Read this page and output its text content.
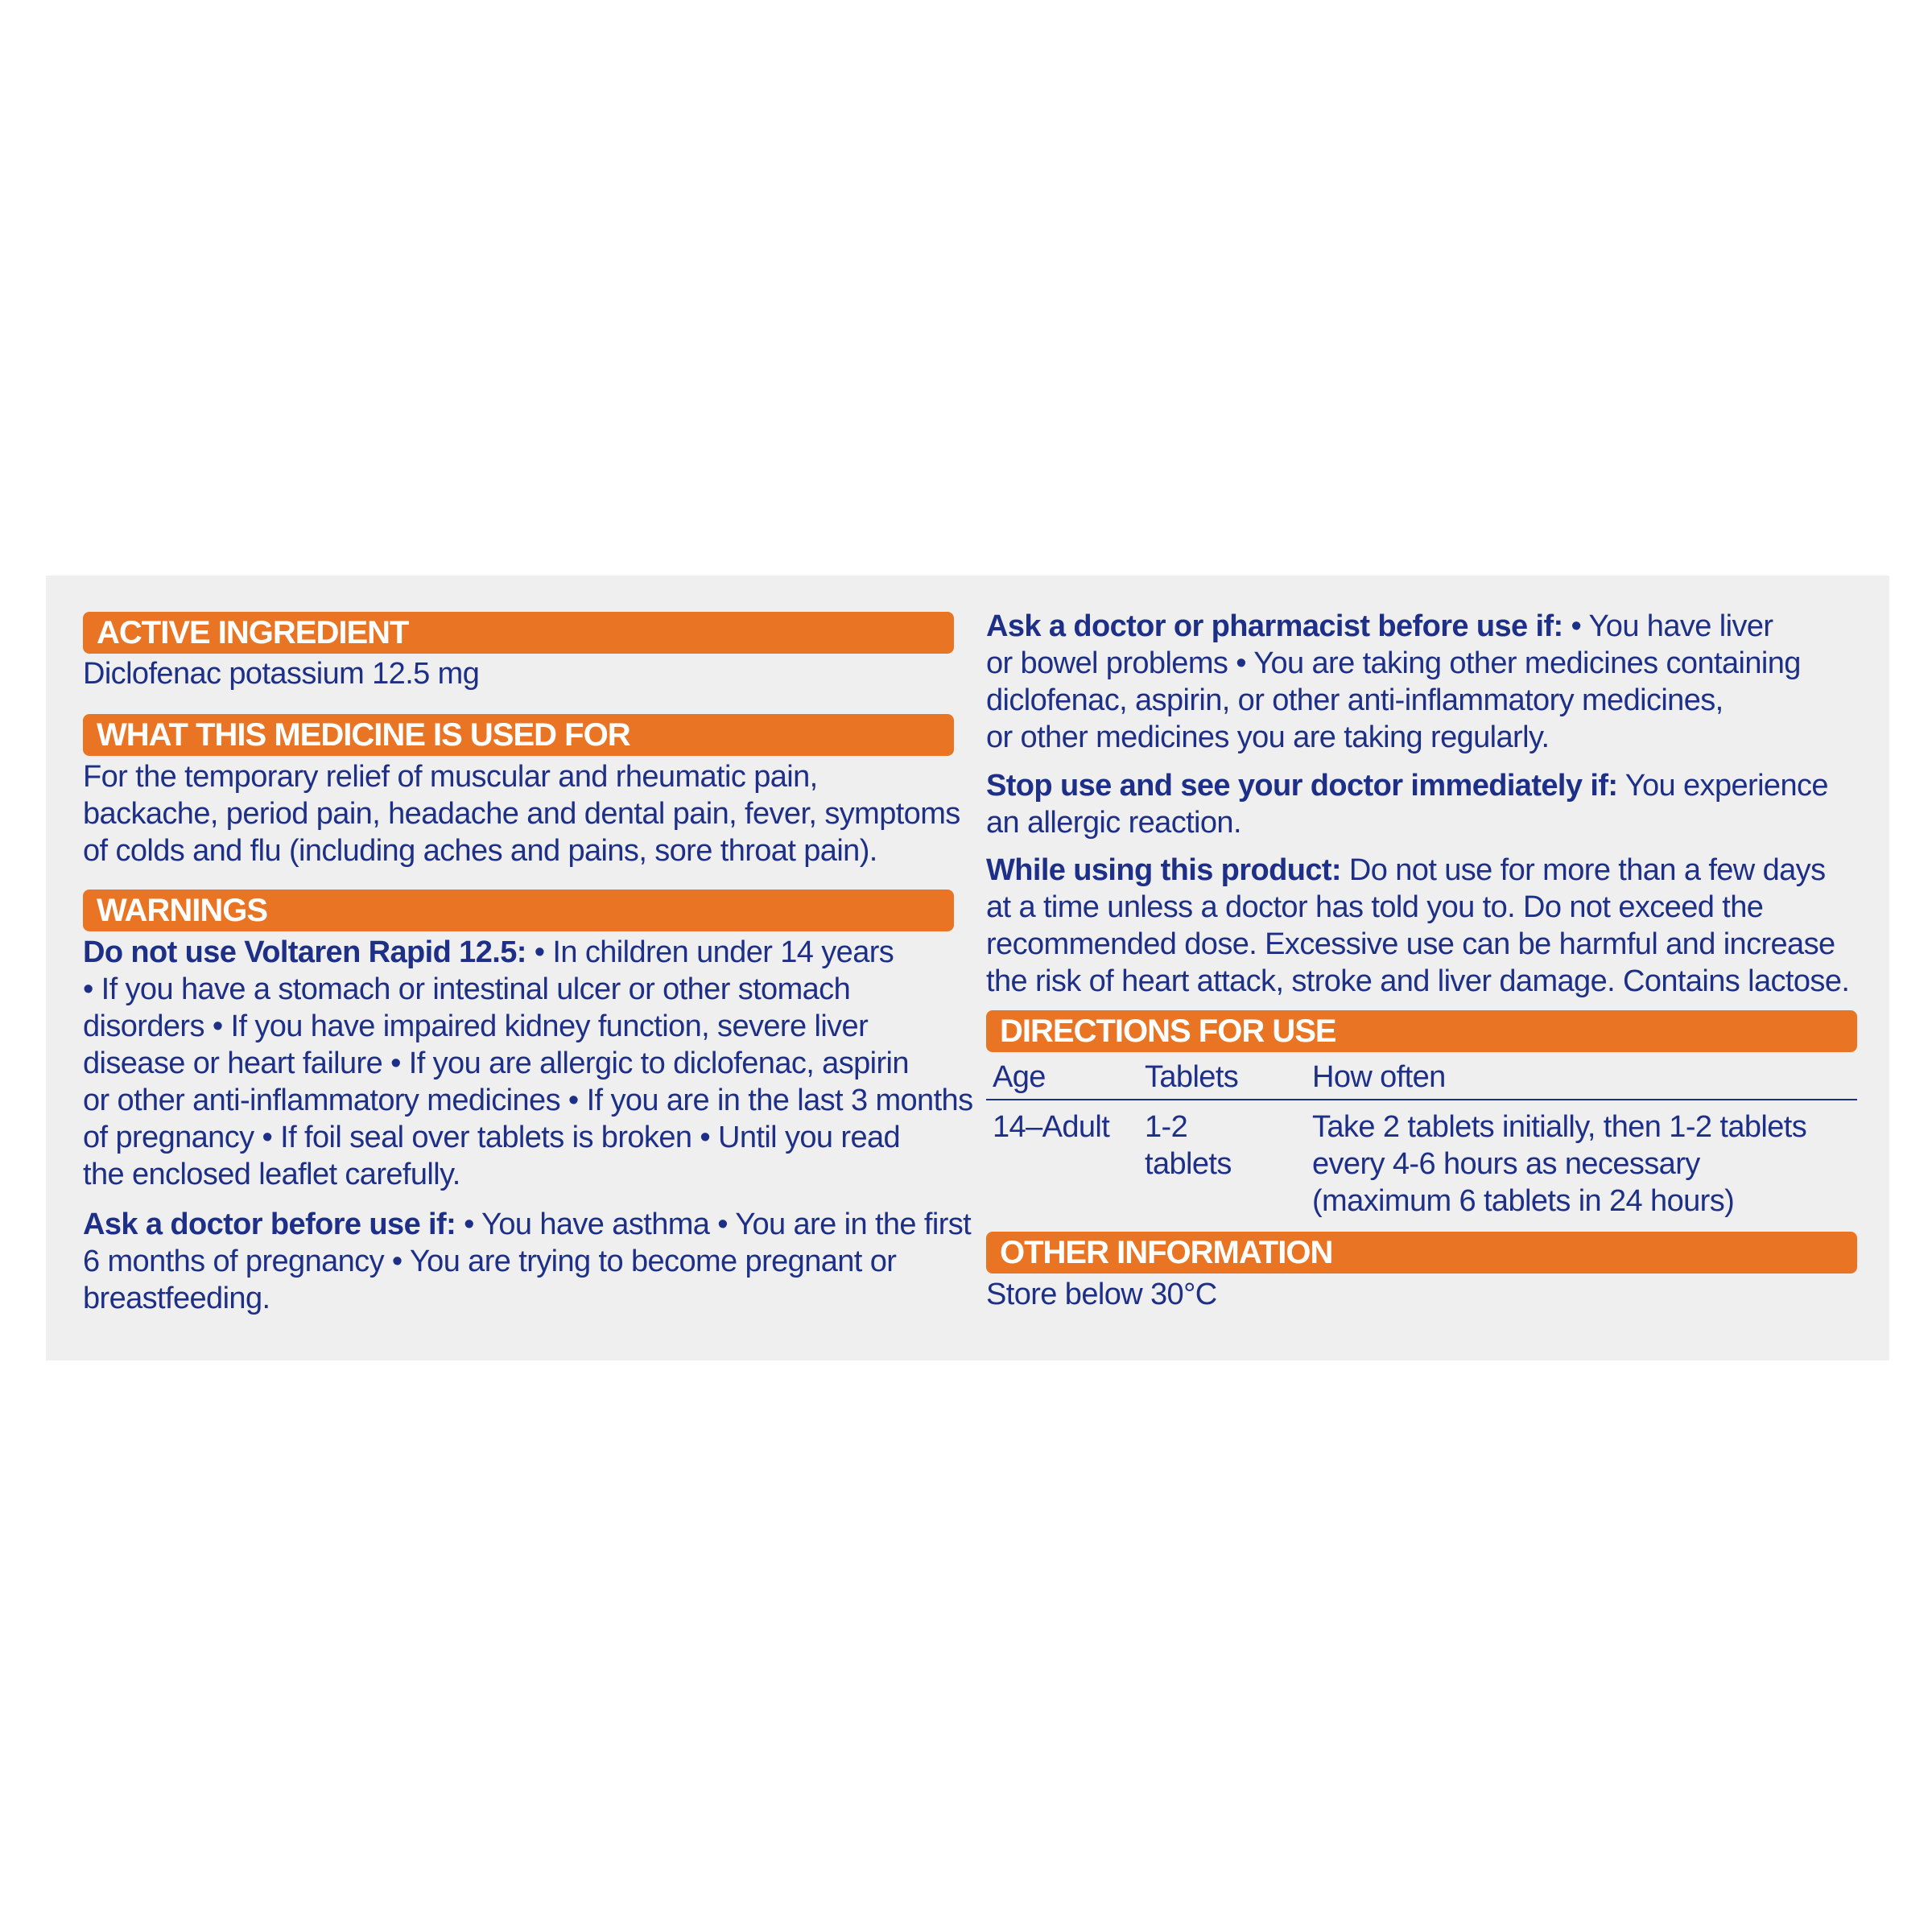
ACTIVE INGREDIENT
Diclofenac potassium 12.5 mg
WHAT THIS MEDICINE IS USED FOR
For the temporary relief of muscular and rheumatic pain,
backache, period pain, headache and dental pain, fever, symptoms
of colds and flu (including aches and pains, sore throat pain).
WARNINGS
Do not use Voltaren Rapid 12.5: • In children under 14 years
• If you have a stomach or intestinal ulcer or other stomach
disorders • If you have impaired kidney function, severe liver
disease or heart failure • If you are allergic to diclofenac, aspirin
or other anti-inflammatory medicines • If you are in the last 3 months
of pregnancy • If foil seal over tablets is broken • Until you read
the enclosed leaflet carefully.
Ask a doctor before use if: • You have asthma • You are in the first
6 months of pregnancy • You are trying to become pregnant or
breastfeeding.
Ask a doctor or pharmacist before use if: • You have liver
or bowel problems • You are taking other medicines containing
diclofenac, aspirin, or other anti-inflammatory medicines,
or other medicines you are taking regularly.
Stop use and see your doctor immediately if: You experience
an allergic reaction.
While using this product: Do not use for more than a few days
at a time unless a doctor has told you to. Do not exceed the
recommended dose. Excessive use can be harmful and increase
the risk of heart attack, stroke and liver damage. Contains lactose.
DIRECTIONS FOR USE
Age	Tablets How often
14–Adult 1-2
tablets
Take 2 tablets initially, then 1-2 tablets
every 4-6 hours as necessary
(maximum 6 tablets in 24 hours)
OTHER INFORMATION
Store below 30°C
